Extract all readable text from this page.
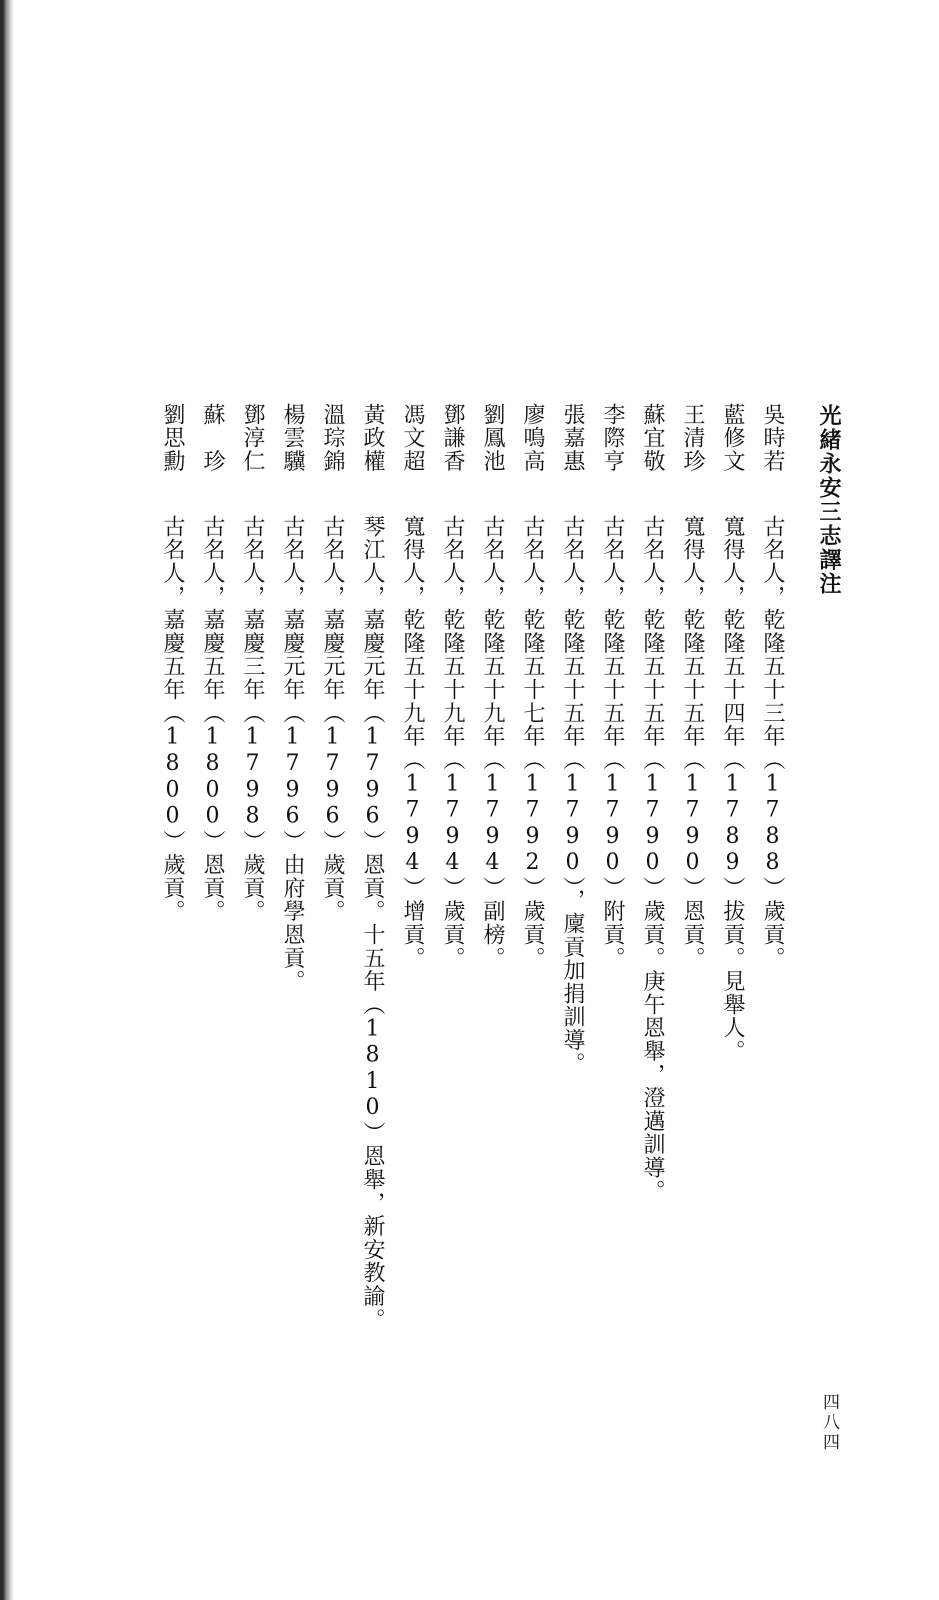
光緒永安三志譯注
吳時若古名人，乾隆五十三年（1788）歲貢。
藍修文寬得人，乾隆五十四年（1789）拔貢。見舉人。
王清珍寬得人，乾隆五十五年（1790）恩貢。
蘇宜敬古名人，乾隆五十五年（1790）歲貢。庚午恩舉，澄邁訓導。
李際亨古名人，乾隆五十五年（1790）附貢。
張嘉惠古名人，乾隆五十五年（1790），廩貢加捐訓導。
廖鳴高古名人，乾隆五十七年（1792）歲貢。
劉鳳池古名人，乾隆五十九年（1794）副榜。
鄧謙香古名人，乾隆五十九年（1794）歲貢。
馮文超寬得人，乾隆五十九年（1794）增貢。
黃政權琴江人，嘉慶元年（1796）恩貢。十五年（1810）恩舉，新安教諭。
溫琮錦古名人，嘉慶元年（1796）歲貢。
楊雲驥古名人，嘉慶元年（1796）由府學恩貢。
鄧淳仁古名人，嘉慶三年（1798）歲貢。
蘇　珍古名人，嘉慶五年（1800）恩貢。
劉思勳古名人，嘉慶五年（1800）歲貢。
四八四
